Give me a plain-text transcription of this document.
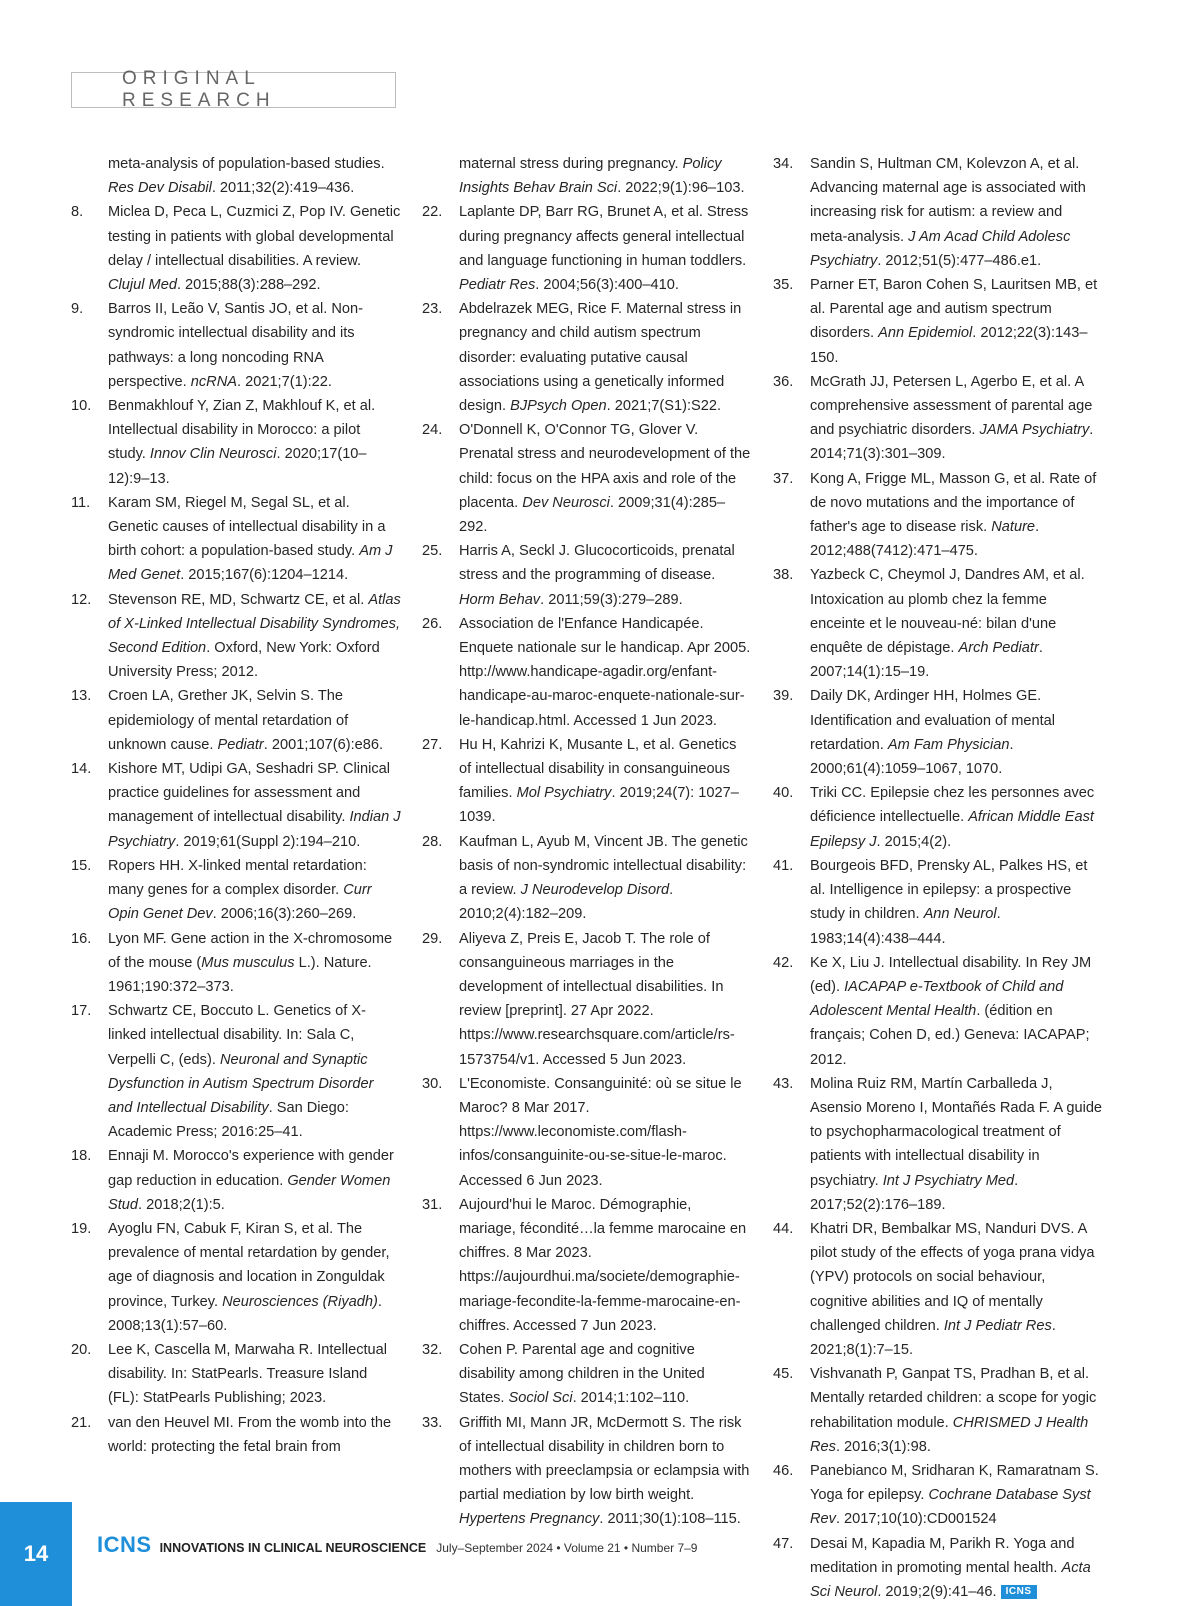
ORIGINAL RESEARCH
meta-analysis of population-based studies. Res Dev Disabil. 2011;32(2):419–436.
8. Miclea D, Peca L, Cuzmici Z, Pop IV. Genetic testing in patients with global developmental delay / intellectual disabilities. A review. Clujul Med. 2015;88(3):288–292.
9. Barros II, Leão V, Santis JO, et al. Non-syndromic intellectual disability and its pathways: a long noncoding RNA perspective. ncRNA. 2021;7(1):22.
10. Benmakhlouf Y, Zian Z, Makhlouf K, et al. Intellectual disability in Morocco: a pilot study. Innov Clin Neurosci. 2020;17(10–12):9–13.
11. Karam SM, Riegel M, Segal SL, et al. Genetic causes of intellectual disability in a birth cohort: a population-based study. Am J Med Genet. 2015;167(6):1204–1214.
12. Stevenson RE, MD, Schwartz CE, et al. Atlas of X-Linked Intellectual Disability Syndromes, Second Edition. Oxford, New York: Oxford University Press; 2012.
13. Croen LA, Grether JK, Selvin S. The epidemiology of mental retardation of unknown cause. Pediatr. 2001;107(6):e86.
14. Kishore MT, Udipi GA, Seshadri SP. Clinical practice guidelines for assessment and management of intellectual disability. Indian J Psychiatry. 2019;61(Suppl 2):194–210.
15. Ropers HH. X-linked mental retardation: many genes for a complex disorder. Curr Opin Genet Dev. 2006;16(3):260–269.
16. Lyon MF. Gene action in the X-chromosome of the mouse (Mus musculus L.). Nature. 1961;190:372–373.
17. Schwartz CE, Boccuto L. Genetics of X-linked intellectual disability. In: Sala C, Verpelli C, (eds). Neuronal and Synaptic Dysfunction in Autism Spectrum Disorder and Intellectual Disability. San Diego: Academic Press; 2016:25–41.
18. Ennaji M. Morocco's experience with gender gap reduction in education. Gender Women Stud. 2018;2(1):5.
19. Ayoglu FN, Cabuk F, Kiran S, et al. The prevalence of mental retardation by gender, age of diagnosis and location in Zonguldak province, Turkey. Neurosciences (Riyadh). 2008;13(1):57–60.
20. Lee K, Cascella M, Marwaha R. Intellectual disability. In: StatPearls. Treasure Island (FL): StatPearls Publishing; 2023.
21. van den Heuvel MI. From the womb into the world: protecting the fetal brain from
maternal stress during pregnancy. Policy Insights Behav Brain Sci. 2022;9(1):96–103.
22. Laplante DP, Barr RG, Brunet A, et al. Stress during pregnancy affects general intellectual and language functioning in human toddlers. Pediatr Res. 2004;56(3):400–410.
23. Abdelrazek MEG, Rice F. Maternal stress in pregnancy and child autism spectrum disorder: evaluating putative causal associations using a genetically informed design. BJPsych Open. 2021;7(S1):S22.
24. O'Donnell K, O'Connor TG, Glover V. Prenatal stress and neurodevelopment of the child: focus on the HPA axis and role of the placenta. Dev Neurosci. 2009;31(4):285–292.
25. Harris A, Seckl J. Glucocorticoids, prenatal stress and the programming of disease. Horm Behav. 2011;59(3):279–289.
26. Association de l'Enfance Handicapée. Enquete nationale sur le handicap. Apr 2005. http://www.handicape-agadir.org/enfant-handicape-au-maroc-enquete-nationale-sur-le-handicap.html. Accessed 1 Jun 2023.
27. Hu H, Kahrizi K, Musante L, et al. Genetics of intellectual disability in consanguineous families. Mol Psychiatry. 2019;24(7): 1027–1039.
28. Kaufman L, Ayub M, Vincent JB. The genetic basis of non-syndromic intellectual disability: a review. J Neurodevelop Disord. 2010;2(4):182–209.
29. Aliyeva Z, Preis E, Jacob T. The role of consanguineous marriages in the development of intellectual disabilities. In review [preprint]. 27 Apr 2022. https://www.researchsquare.com/article/rs-1573754/v1. Accessed 5 Jun 2023.
30. L'Economiste. Consanguinité: où se situe le Maroc? 8 Mar 2017. https://www.leconomiste.com/flash-infos/consanguinite-ou-se-situe-le-maroc. Accessed 6 Jun 2023.
31. Aujourd'hui le Maroc. Démographie, mariage, fécondité…la femme marocaine en chiffres. 8 Mar 2023. https://aujourdhui.ma/societe/demographie-mariage-fecondite-la-femme-marocaine-en-chiffres. Accessed 7 Jun 2023.
32. Cohen P. Parental age and cognitive disability among children in the United States. Sociol Sci. 2014;1:102–110.
33. Griffith MI, Mann JR, McDermott S. The risk of intellectual disability in children born to mothers with preeclampsia or eclampsia with partial mediation by low birth weight. Hypertens Pregnancy. 2011;30(1):108–115.
34. Sandin S, Hultman CM, Kolevzon A, et al. Advancing maternal age is associated with increasing risk for autism: a review and meta-analysis. J Am Acad Child Adolesc Psychiatry. 2012;51(5):477–486.e1.
35. Parner ET, Baron Cohen S, Lauritsen MB, et al. Parental age and autism spectrum disorders. Ann Epidemiol. 2012;22(3):143–150.
36. McGrath JJ, Petersen L, Agerbo E, et al. A comprehensive assessment of parental age and psychiatric disorders. JAMA Psychiatry. 2014;71(3):301–309.
37. Kong A, Frigge ML, Masson G, et al. Rate of de novo mutations and the importance of father's age to disease risk. Nature. 2012;488(7412):471–475.
38. Yazbeck C, Cheymol J, Dandres AM, et al. Intoxication au plomb chez la femme enceinte et le nouveau-né: bilan d'une enquête de dépistage. Arch Pediatr. 2007;14(1):15–19.
39. Daily DK, Ardinger HH, Holmes GE. Identification and evaluation of mental retardation. Am Fam Physician. 2000;61(4):1059–1067, 1070.
40. Triki CC. Epilepsie chez les personnes avec déficience intellectuelle. African Middle East Epilepsy J. 2015;4(2).
41. Bourgeois BFD, Prensky AL, Palkes HS, et al. Intelligence in epilepsy: a prospective study in children. Ann Neurol. 1983;14(4):438–444.
42. Ke X, Liu J. Intellectual disability. In Rey JM (ed). IACAPAP e-Textbook of Child and Adolescent Mental Health. (édition en français; Cohen D, ed.) Geneva: IACAPAP; 2012.
43. Molina Ruiz RM, Martín Carballeda J, Asensio Moreno I, Montañés Rada F. A guide to psychopharmacological treatment of patients with intellectual disability in psychiatry. Int J Psychiatry Med. 2017;52(2):176–189.
44. Khatri DR, Bembalkar MS, Nanduri DVS. A pilot study of the effects of yoga prana vidya (YPV) protocols on social behaviour, cognitive abilities and IQ of mentally challenged children. Int J Pediatr Res. 2021;8(1):7–15.
45. Vishvanath P, Ganpat TS, Pradhan B, et al. Mentally retarded children: a scope for yogic rehabilitation module. CHRISMED J Health Res. 2016;3(1):98.
46. Panebianco M, Sridharan K, Ramaratnam S. Yoga for epilepsy. Cochrane Database Syst Rev. 2017;10(10):CD001524
47. Desai M, Kapadia M, Parikh R. Yoga and meditation in promoting mental health. Acta Sci Neurol. 2019;2(9):41–46. ICNS
14	ICNS INNOVATIONS IN CLINICAL NEUROSCIENCE July–September 2024 • Volume 21 • Number 7–9
